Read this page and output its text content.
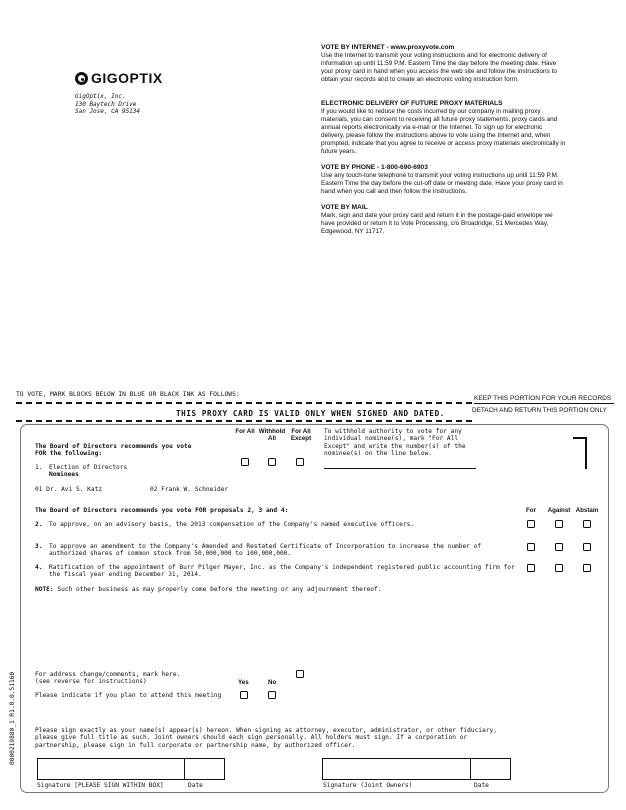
GIGOPTIX
GigOptix, Inc.
130 Baytech Drive
San Jose, CA 95134
VOTE BY INTERNET - www.proxyvote.com

Use the Internet to transmit your voting instructions and for electronic delivery of information up until 11:59 P.M. Eastern Time the day before the meeting date. Have your proxy card in hand when you access the web site and follow the instructions to obtain your records and to create an electronic voting instruction form.

ELECTRONIC DELIVERY OF FUTURE PROXY MATERIALS

If you would like to reduce the costs incurred by our company in mailing proxy materials, you can consent to receiving all future proxy statements, proxy cards and annual reports electronically via e-mail or the Internet. To sign up for electronic delivery, please follow the instructions above to vote using the Internet and, when prompted, indicate that you agree to receive or access proxy materials electronically in future years.

VOTE BY PHONE - 1-800-690-6903

Use any touch-tone telephone to transmit your voting instructions up until 11:59 P.M. Eastern Time the day before the cut-off date or meeting date. Have your proxy card in hand when you call and then follow the instructions.

VOTE BY MAIL

Mark, sign and date your proxy card and return it in the postage-paid envelope we have provided or return it to Vote Processing, c/o Broadridge, 51 Mercedes Way, Edgewood, NY 11717.

TO VOTE, MARK BLOCKS BELOW IN BLUE OR BLACK INK AS FOLLOWS:
KEEP THIS PORTION FOR YOUR RECORDS
DETACH AND RETURN THIS PORTION ONLY
THIS PROXY CARD IS VALID ONLY WHEN SIGNED AND DATED.
The Board of Directors recommends you vote FOR the following:
For All Withhold All
For All Except
To withhold authority to vote for any individual nominee(s), mark "For All Except" and write the number(s) of the nominee(s) on the line below.
1. Election of Directors
Nominees
01 Dr. Avi S. Katz	02 Frank W. Schneider
The Board of Directors recommends you vote FOR proposals 2, 3 and 4:	For	Against Abstain
2. To approve, on an advisory basis, the 2013 compensation of the Company's named executive officers.
3. To approve an amendment to the Company's Amended and Restated Certificate of Incorporation to increase the number of authorized shares of common stock from 50,000,000 to 100,000,000.
4. Ratification of the appointment of Burr Pilger Mayer, Inc. as the Company's independent registered public accounting firm for the fiscal year ending December 31, 2014.
NOTE: Such other business as may properly come before the meeting or any adjournment thereof.
For address change/comments, mark here.
(see reverse for instructions)	Yes	No
Please indicate if you plan to attend this meeting
Please sign exactly as your name(s) appear(s) hereon. When signing as attorney, executor, administrator, or other fiduciary, please give full title as such. Joint owners should each sign personally. All holders must sign. If a corporation or partnership, please sign in full corporate or partnership name, by authorized officer.
Signature [PLEASE SIGN WITHIN BOX]	Date	Signature (Joint Owners)	Date
0000219880_1 R1.0.0.51160
